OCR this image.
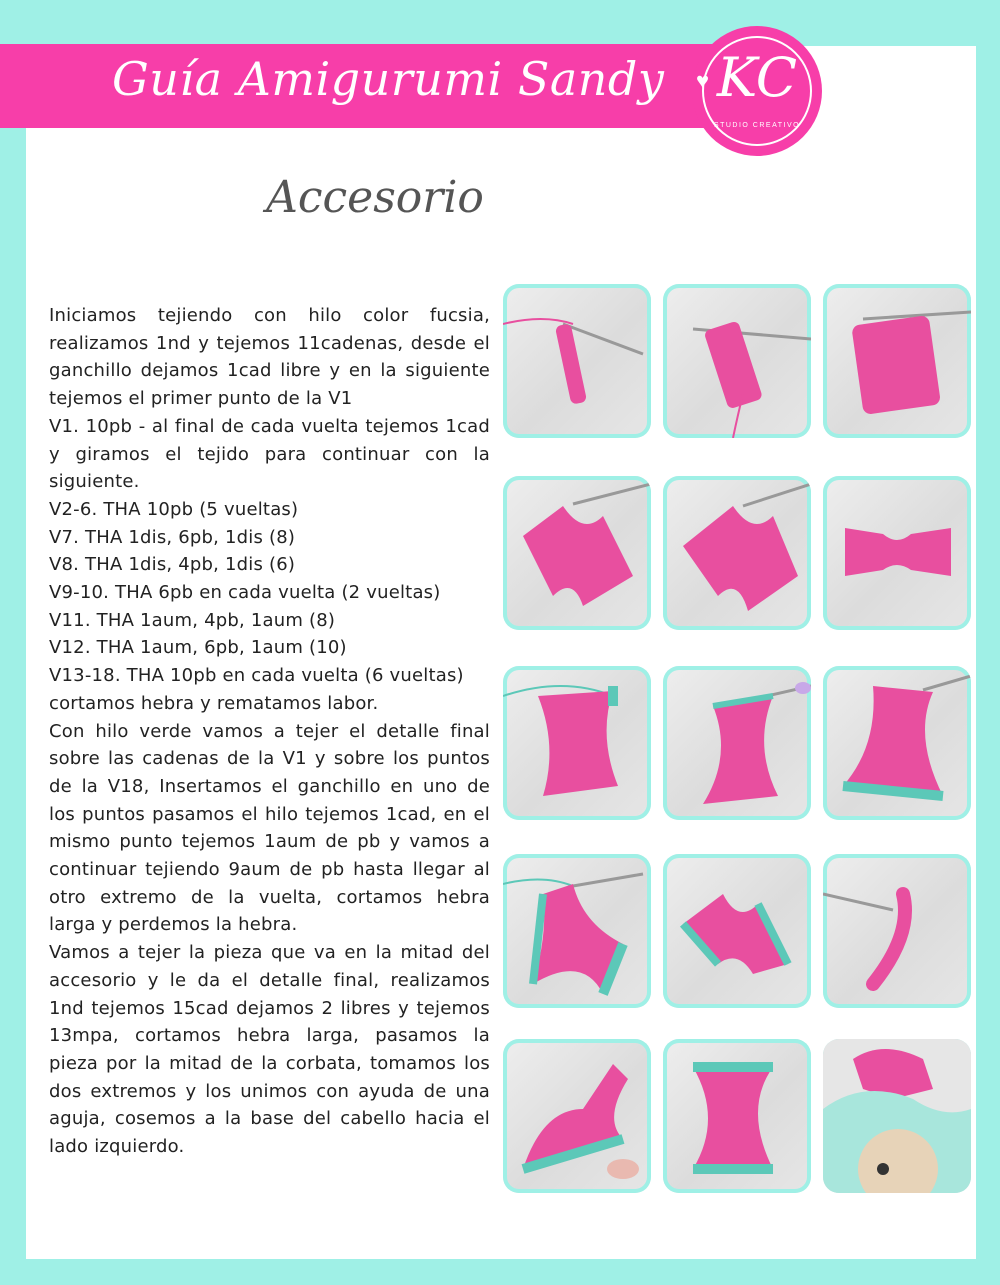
Guía Amigurumi Sandy	♥ KC
STUDIO CREATIVO
Accesorio

Iniciamos tejiendo con hilo color fucsia, realizamos 1nd y tejemos 11cadenas, desde el ganchillo dejamos 1cad libre y en la siguiente tejemos el primer punto de la V1

V1. 10pb - al final de cada vuelta tejemos 1cad y giramos el tejido para continuar con la siguiente.

V2-6. THA 10pb (5 vueltas)

V7. THA 1dis, 6pb, 1dis (8)

V8. THA 1dis, 4pb, 1dis (6)

V9-10. THA 6pb en cada vuelta (2 vueltas)

V11. THA 1aum, 4pb, 1aum (8)

V12. THA 1aum, 6pb, 1aum (10)

V13-18. THA 10pb en cada vuelta (6 vueltas) cortamos hebra y rematamos labor.

Con hilo verde vamos a tejer el detalle final sobre las cadenas de la V1 y sobre los puntos de la V18, Insertamos el ganchillo en uno de los puntos pasamos el hilo tejemos 1cad, en el mismo punto tejemos 1aum de pb y vamos a continuar tejiendo 9aum de pb hasta llegar al otro extremo de la vuelta, cortamos hebra larga y perdemos la hebra.

Vamos a tejer la pieza que va en la mitad del accesorio y le da el detalle final, realizamos 1nd tejemos 15cad dejamos 2 libres y tejemos 13mpa, cortamos hebra larga, pasamos la pieza por la mitad de la corbata, tomamos los dos extremos y los unimos con ayuda de una aguja, cosemos a la base del cabello hacia el lado izquierdo.
